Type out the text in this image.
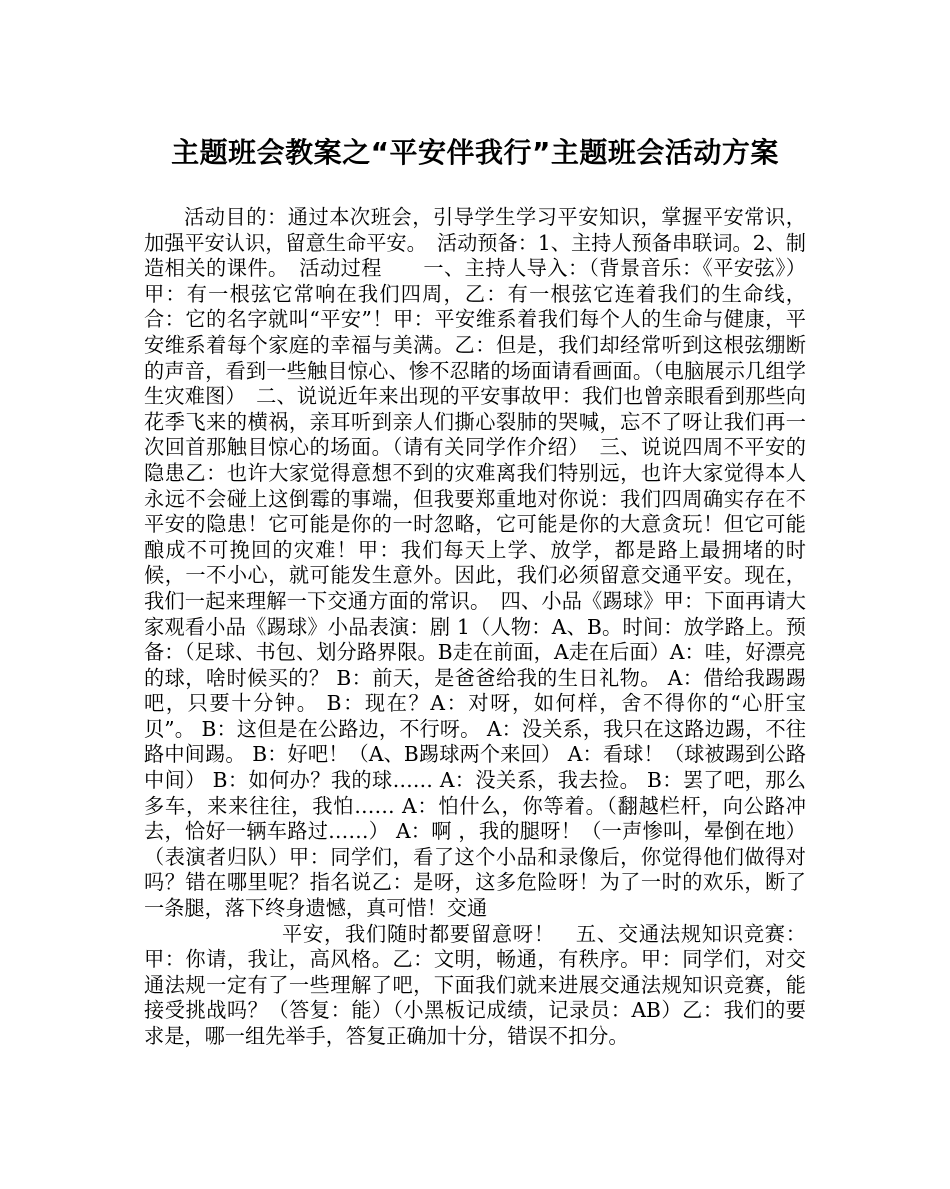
主题班会教案之“平安伴我行”主题班会活动方案

活动目的：通过本次班会，引导学生学习平安知识，掌握平安常识，加强平安认识，留意生命平安。　活动预备：1、主持人预备串联词。2、制造相关的课件。　活动过程　　一、主持人导入：（背景音乐：《平安弦》）甲：有一根弦它常响在我们四周，乙：有一根弦它连着我们的生命线，合：它的名字就叫“平安”！甲：平安维系着我们每个人的生命与健康，平安维系着每个家庭的幸福与美满。乙：但是，我们却经常听到这根弦绷断的声音，看到一些触目惊心、惨不忍睹的场面请看画面。（电脑展示几组学生灾难图）　二、说说近年来出现的平安事故甲：我们也曾亲眼看到那些向花季飞来的横祸，亲耳听到亲人们撕心裂肺的哭喊，忘不了呀让我们再一次回首那触目惊心的场面。（请有关同学作介绍）　三、说说四周不平安的隐患乙：也许大家觉得意想不到的灾难离我们特别远，也许大家觉得本人永远不会碰上这倒霉的事端，但我要郑重地对你说：我们四周确实存在不平安的隐患！它可能是你的一时忽略，它可能是你的大意贪玩！但它可能酿成不可挽回的灾难！甲：我们每天上学、放学，都是路上最拥堵的时候，一不小心，就可能发生意外。因此，我们必须留意交通平安。现在，我们一起来理解一下交通方面的常识。　四、小品《踢球》甲：下面再请大家观看小品《踢球》小品表演：剧 1（人物：A、B。时间：放学路上。预备：（足球、书包、划分路界限。B走在前面，A走在后面）A：哇，好漂亮的球，啥时候买的？ B：前天，是爸爸给我的生日礼物。 A：借给我踢踢吧，只要十分钟。 B：现在？A：对呀，如何样，舍不得你的“心肝宝贝”。 B：这但是在公路边，不行呀。 A：没关系，我只在这路边踢，不往路中间踢。 B：好吧！（A、B踢球两个来回） A：看球！（球被踢到公路中间） B：如何办？我的球…… A：没关系，我去捡。 B：罢了吧，那么多车，来来往往，我怕…… A：怕什么，你等着。（翻越栏杆，向公路冲去，恰好一辆车路过……） A：啊 ，我的腿呀！（一声惨叫，晕倒在地）（表演者归队）甲：同学们，看了这个小品和录像后，你觉得他们做得对吗？错在哪里呢？指名说乙：是呀，这多危险呀！为了一时的欢乐，断了一条腿，落下终身遗憾，真可惜！交通

平安，我们随时都要留意呀！　五、交通法规知识竞赛：甲：你请，我让，高风格。乙：文明，畅通，有秩序。甲：同学们，对交通法规一定有了一些理解了吧，下面我们就来进展交通法规知识竞赛，能接受挑战吗？（答复：能）（小黑板记成绩，记录员：AB）乙：我们的要求是，哪一组先举手，答复正确加十分，错误不扣分。
